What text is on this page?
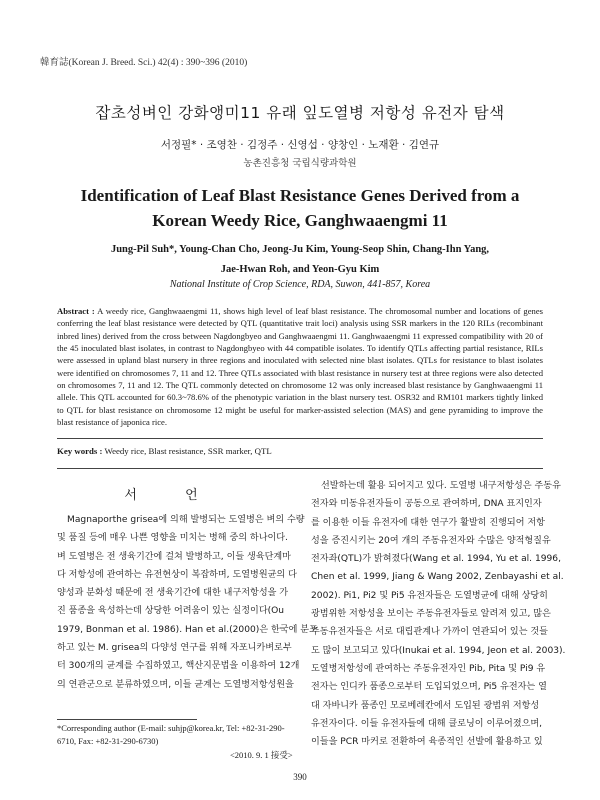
韓育誌(Korean J. Breed. Sci.) 42(4) : 390~396 (2010)
잡초성벼인 강화앵미11 유래 잎도열병 저항성 유전자 탐색
서정필* · 조영찬 · 김정주 · 신영섭 · 양창인 · 노재환 · 김연규
농촌진흥청 국립식량과학원
Identification of Leaf Blast Resistance Genes Derived from a
Korean Weedy Rice, Ganghwaaengmi 11
Jung-Pil Suh*, Young-Chan Cho, Jeong-Ju Kim, Young-Seop Shin, Chang-Ihn Yang,
Jae-Hwan Roh, and Yeon-Gyu Kim
National Institute of Crop Science, RDA, Suwon, 441-857, Korea
Abstract : A weedy rice, Ganghwaaengmi 11, shows high level of leaf blast resistance. The chromosomal number and locations of genes conferring the leaf blast resistance were detected by QTL (quantitative trait loci) analysis using SSR markers in the 120 RILs (recombinant inbred lines) derived from the cross between Nagdongbyeo and Ganghwaaengmi 11. Ganghwaaengmi 11 expressed compatibility with 20 of the 45 inoculated blast isolates, in contrast to Nagdongbyeo with 44 compatible isolates. To identify QTLs affecting partial resistance, RILs were assessed in upland blast nursery in three regions and inoculated with selected nine blast isolates. QTLs for resistance to blast isolates were identified on chromosomes 7, 11 and 12. Three QTLs associated with blast resistance in nursery test at three regions were also detected on chromosomes 7, 11 and 12. The QTL commonly detected on chromosome 12 was only increased blast resistance by Ganghwaaengmi 11 allele. This QTL accounted for 60.3~78.6% of the phenotypic variation in the blast nursery test. OSR32 and RM101 markers tightly linked to QTL for blast resistance on chromosome 12 might be useful for marker-assisted selection (MAS) and gene pyramiding to improve the blast resistance of japonica rice.
Key words : Weedy rice, Blast resistance, SSR marker, QTL
서 언
Magnaporthe grisea에 의해 발병되는 도열병은 벼의 수량
및 품질 등에 매우 나쁜 영향을 미치는 병해 중의 하나이다.
벼 도열병은 전 생육기간에 걸쳐 발병하고, 이들 생육단계마
다 저항성에 관여하는 유전현상이 복잡하며, 도열병원균의 다
양성과 분화성 때문에 전 생육기간에 대한 내구저항성을 가
진 품종을 육성하는데 상당한 어려움이 있는 실정이다(Ou
1979, Bonman et al. 1986). Han et al.(2000)은 한국에 분포
하고 있는 M. grisea의 다양성 연구를 위해 자포니카벼로부
터 300개의 균계를 수집하였고, 핵산지문법을 이용하여 12개
의 연관군으로 분류하였으며, 이들 균계는 도열병저항성원을
선발하는데 활용 되어지고 있다. 도열병 내구저항성은 주동유
전자와 미동유전자들이 공동으로 관여하며, DNA 표지인자
를 이용한 이들 유전자에 대한 연구가 활발히 진행되어 저항
성을 증진시키는 20여 개의 주동유전자와 수많은 양적형질유
전자좌(QTL)가 밝혀졌다(Wang et al. 1994, Yu et al. 1996,
Chen et al. 1999, Jiang & Wang 2002, Zenbayashi et al.
2002). Pi1, Pi2 및 Pi5 유전자들은 도열병균에 대해 상당히
광범위한 저항성을 보이는 주동유전자들로 알려져 있고, 많은
주동유전자들은 서로 대립관계나 가까이 연관되어 있는 것들
도 많이 보고되고 있다(Inukai et al. 1994, Jeon et al. 2003).
도열병저항성에 관여하는 주동유전자인 Pib, Pita 및 Pi9 유
전자는 인디카 품종으로부터 도입되었으며, Pi5 유전자는 열
대 자바니카 품종인 모로베레칸에서 도입된 광범위 저항성
유전자이다. 이들 유전자들에 대해 클로닝이 이루어졌으며,
이들을 PCR 마커로 전환하여 육종적인 선발에 활용하고 있
*Corresponding author (E-mail: suhjp@korea.kr, Tel: +82-31-290-6710, Fax: +82-31-290-6730)
<2010. 9. 1 接受>
390
